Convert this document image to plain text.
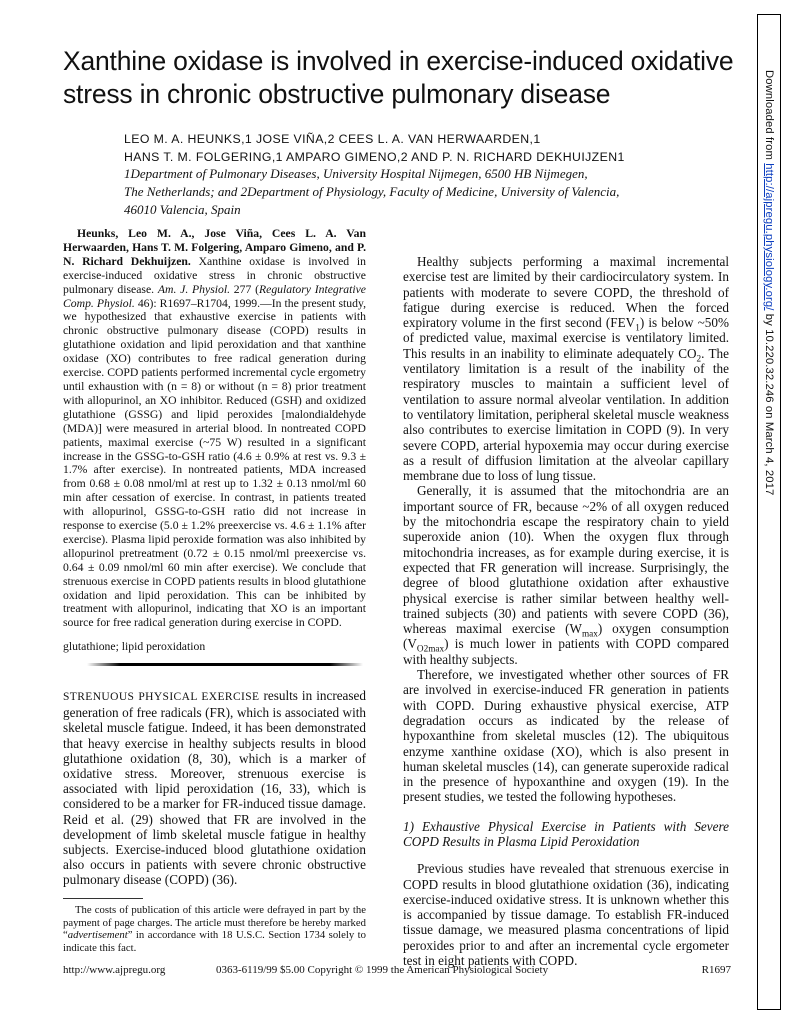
Xanthine oxidase is involved in exercise-induced oxidative stress in chronic obstructive pulmonary disease
LEO M. A. HEUNKS,1 JOSE VIÑA,2 CEES L. A. VAN HERWAARDEN,1
HANS T. M. FOLGERING,1 AMPARO GIMENO,2 AND P. N. RICHARD DEKHUIJZEN1
1Department of Pulmonary Diseases, University Hospital Nijmegen, 6500 HB Nijmegen,
The Netherlands; and 2Department of Physiology, Faculty of Medicine, University of Valencia,
46010 Valencia, Spain

Heunks, Leo M. A., Jose Viña, Cees L. A. Van Herwaarden, Hans T. M. Folgering, Amparo Gimeno, and P. N. Richard Dekhuijzen. Xanthine oxidase is involved in exercise-induced oxidative stress in chronic obstructive pulmonary disease. Am. J. Physiol. 277 (Regulatory Integrative Comp. Physiol. 46): R1697–R1704, 1999.—In the present study, we hypothesized that exhaustive exercise in patients with chronic obstructive pulmonary disease (COPD) results in glutathione oxidation and lipid peroxidation and that xanthine oxidase (XO) contributes to free radical generation during exercise. COPD patients performed incremental cycle ergometry until exhaustion with (n = 8) or without (n = 8) prior treatment with allopurinol, an XO inhibitor. Reduced (GSH) and oxidized glutathione (GSSG) and lipid peroxides [malondialdehyde (MDA)] were measured in arterial blood. In nontreated COPD patients, maximal exercise (~75 W) resulted in a significant increase in the GSSG-to-GSH ratio (4.6 ± 0.9% at rest vs. 9.3 ± 1.7% after exercise). In nontreated patients, MDA increased from 0.68 ± 0.08 nmol/ml at rest up to 1.32 ± 0.13 nmol/ml 60 min after cessation of exercise. In contrast, in patients treated with allopurinol, GSSG-to-GSH ratio did not increase in response to exercise (5.0 ± 1.2% preexercise vs. 4.6 ± 1.1% after exercise). Plasma lipid peroxide formation was also inhibited by allopurinol pretreatment (0.72 ± 0.15 nmol/ml preexercise vs. 0.64 ± 0.09 nmol/ml 60 min after exercise). We conclude that strenuous exercise in COPD patients results in blood glutathione oxidation and lipid peroxidation. This can be inhibited by treatment with allopurinol, indicating that XO is an important source for free radical generation during exercise in COPD.

glutathione; lipid peroxidation

STRENUOUS PHYSICAL EXERCISE results in increased generation of free radicals (FR), which is associated with skeletal muscle fatigue. Indeed, it has been demonstrated that heavy exercise in healthy subjects results in blood glutathione oxidation (8, 30), which is a marker of oxidative stress. Moreover, strenuous exercise is associated with lipid peroxidation (16, 33), which is considered to be a marker for FR-induced tissue damage. Reid et al. (29) showed that FR are involved in the development of limb skeletal muscle fatigue in healthy subjects. Exercise-induced blood glutathione oxidation also occurs in patients with severe chronic obstructive pulmonary disease (COPD) (36).

Healthy subjects performing a maximal incremental exercise test are limited by their cardiocirculatory system. In patients with moderate to severe COPD, the threshold of fatigue during exercise is reduced. When the forced expiratory volume in the first second $(FEV_1)$ is below ~50% of predicted value, maximal exercise is ventilatory limited. This results in an inability to eliminate adequately $CO_2$. The ventilatory limitation is a result of the inability of the respiratory muscles to maintain a sufficient level of ventilation to assure normal alveolar ventilation. In addition to ventilatory limitation, peripheral skeletal muscle weakness also contributes to exercise limitation in COPD (9). In very severe COPD, arterial hypoxemia may occur during exercise as a result of diffusion limitation at the alveolar capillary membrane due to loss of lung tissue.

Generally, it is assumed that the mitochondria are an important source of FR, because ~2% of all oxygen reduced by the mitochondria escape the respiratory chain to yield superoxide anion (10). When the oxygen flux through mitochondria increases, as for example during exercise, it is expected that FR generation will increase. Surprisingly, the degree of blood glutathione oxidation after exhaustive physical exercise is rather similar between healthy well-trained subjects (30) and patients with severe COPD (36), whereas maximal exercise $(W_{max})$ oxygen consumption $(V_{O2max})$ is much lower in patients with COPD compared with healthy subjects.

Therefore, we investigated whether other sources of FR are involved in exercise-induced FR generation in patients with COPD. During exhaustive physical exercise, ATP degradation occurs as indicated by the release of hypoxanthine from skeletal muscles (12). The ubiquitous enzyme xanthine oxidase (XO), which is also present in human skeletal muscles (14), can generate superoxide radical in the presence of hypoxanthine and oxygen (19). In the present studies, we tested the following hypotheses.

1) Exhaustive Physical Exercise in Patients with Severe COPD Results in Plasma Lipid Peroxidation

Previous studies have revealed that strenuous exercise in COPD results in blood glutathione oxidation (36), indicating exercise-induced oxidative stress. It is unknown whether this is accompanied by tissue damage. To establish FR-induced tissue damage, we measured plasma concentrations of lipid peroxides prior to and after an incremental cycle ergometer test in eight patients with COPD.

The costs of publication of this article were defrayed in part by the payment of page charges. The article must therefore be hereby marked “advertisement” in accordance with 18 U.S.C. Section 1734 solely to indicate this fact.

http://www.ajpregu.org	0363-6119/99 $5.00 Copyright © 1999 the American Physiological Society	R1697
Downloaded from http://ajpregu.physiology.org/ by 10.220.32.246 on March 4, 2017
